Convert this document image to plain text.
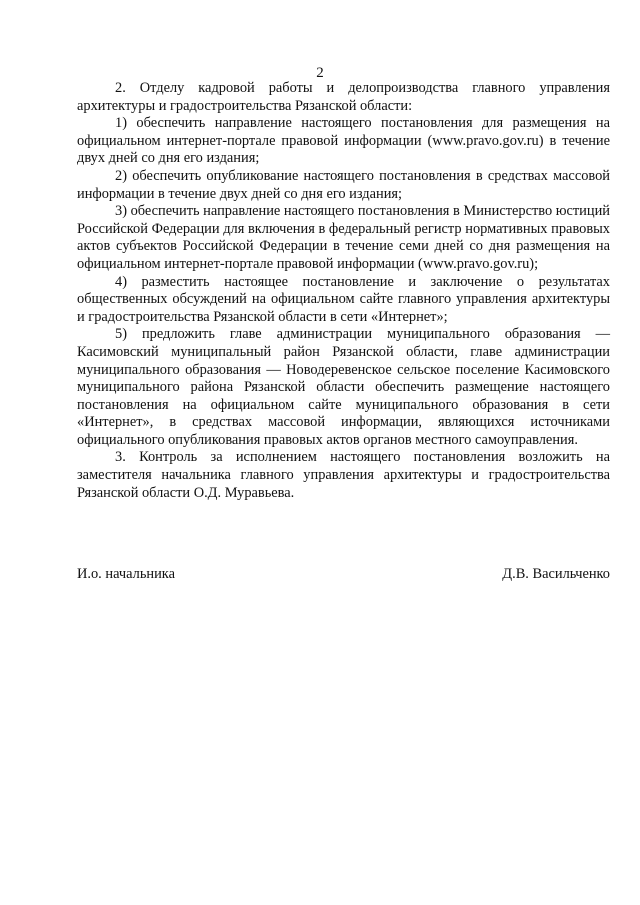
2

2. Отделу кадровой работы и делопроизводства главного управления архитектуры и градостроительства Рязанской области:

1) обеспечить направление настоящего постановления для размещения на официальном интернет-портале правовой информации (www.pravo.gov.ru) в течение двух дней со дня его издания;

2) обеспечить опубликование настоящего постановления в средствах массовой информации в течение двух дней со дня его издания;

3) обеспечить направление настоящего постановления в Министерство юстиций Российской Федерации для включения в федеральный регистр нормативных правовых актов субъектов Российской Федерации в течение семи дней со дня размещения на официальном интернет-портале правовой информации (www.pravo.gov.ru);

4) разместить настоящее постановление и заключение о результатах общественных обсуждений на официальном сайте главного управления архитектуры и градостроительства Рязанской области в сети «Интернет»;

5) предложить главе администрации муниципального образования — Касимовский муниципальный район Рязанской области, главе администрации муниципального образования — Новодеревенское сельское поселение Касимовского муниципального района Рязанской области обеспечить размещение настоящего постановления на официальном сайте муниципального образования в сети «Интернет», в средствах массовой информации, являющихся источниками официального опубликования правовых актов органов местного самоуправления.

3. Контроль за исполнением настоящего постановления возложить на заместителя начальника главного управления архитектуры и градостроительства Рязанской области О.Д. Муравьева.

И.о. начальника	Д.В. Васильченко
